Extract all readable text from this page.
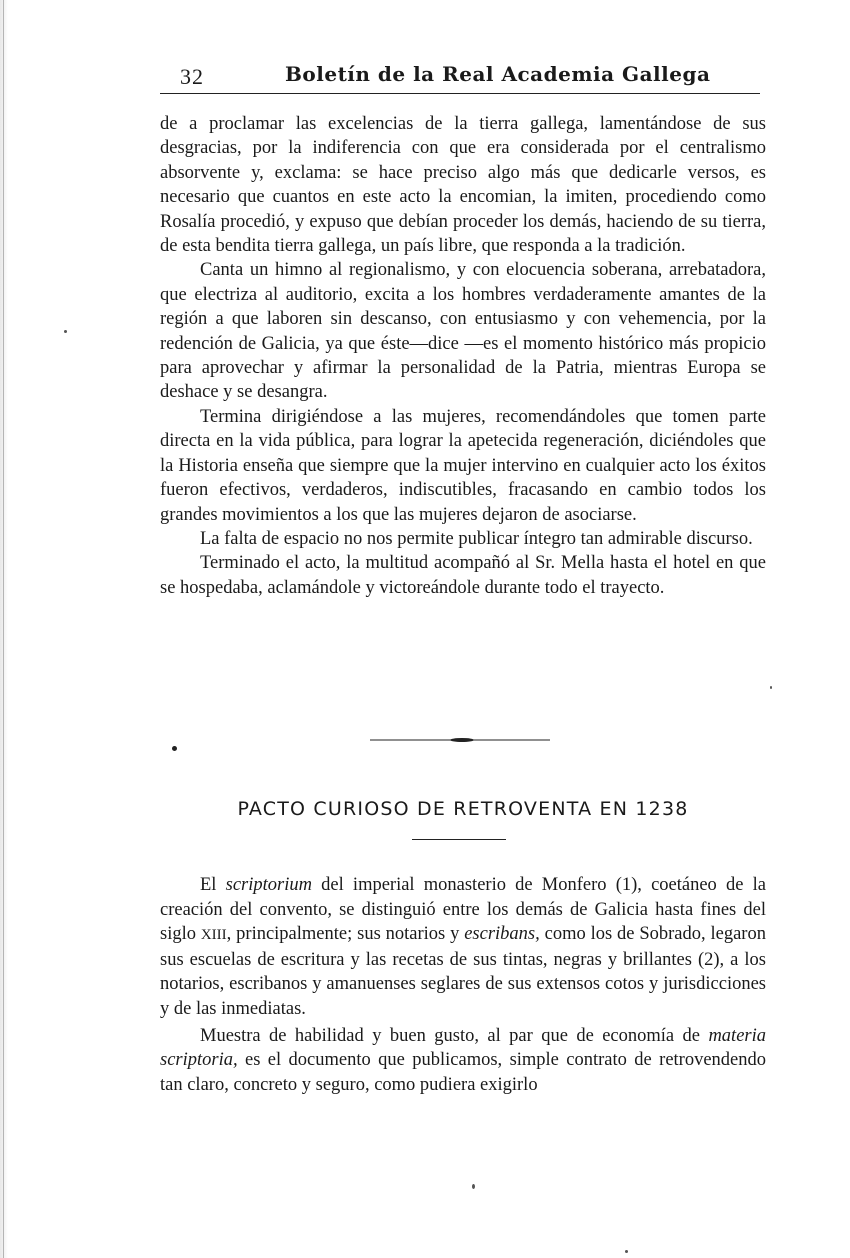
32	Boletín de la Real Academia Gallega

de a proclamar las excelencias de la tierra gallega, lamentándose de sus desgracias, por la indiferencia con que era considerada por el centralismo absorvente y, exclama: se hace preciso algo más que dedicarle versos, es necesario que cuantos en este acto la encomian, la imiten, procediendo como Rosalía procedió, y expuso que debían proceder los demás, haciendo de su tierra, de esta bendita tierra gallega, un país libre, que responda a la tradición.

Canta un himno al regionalismo, y con elocuencia soberana, arrebatadora, que electriza al auditorio, excita a los hombres verdaderamente amantes de la región a que laboren sin descanso, con entusiasmo y con vehemencia, por la redención de Galicia, ya que éste—dice —es el momento histórico más propicio para aprovechar y afirmar la personalidad de la Patria, mientras Europa se deshace y se desangra.

Termina dirigiéndose a las mujeres, recomendándoles que tomen parte directa en la vida pública, para lograr la apetecida regeneración, diciéndoles que la Historia enseña que siempre que la mujer intervino en cualquier acto los éxitos fueron efectivos, verdaderos, indiscutibles, fracasando en cambio todos los grandes movimientos a los que las mujeres dejaron de asociarse.

La falta de espacio no nos permite publicar íntegro tan admirable discurso.

Terminado el acto, la multitud acompañó al Sr. Mella hasta el hotel en que se hospedaba, aclamándole y victoreándole durante todo el trayecto.

PACTO CURIOSO DE RETROVENTA EN 1238

El scriptorium del imperial monasterio de Monfero (1), coetáneo de la creación del convento, se distinguió entre los demás de Galicia hasta fines del siglo XIII, principalmente; sus notarios y escribans, como los de Sobrado, legaron sus escuelas de escritura y las recetas de sus tintas, negras y brillantes (2), a los notarios, escribanos y amanuenses seglares de sus extensos cotos y jurisdicciones y de las inmediatas.

Muestra de habilidad y buen gusto, al par que de economía de materia scriptoria, es el documento que publicamos, simple contrato de retrovendendo tan claro, concreto y seguro, como pudiera exigirlo
